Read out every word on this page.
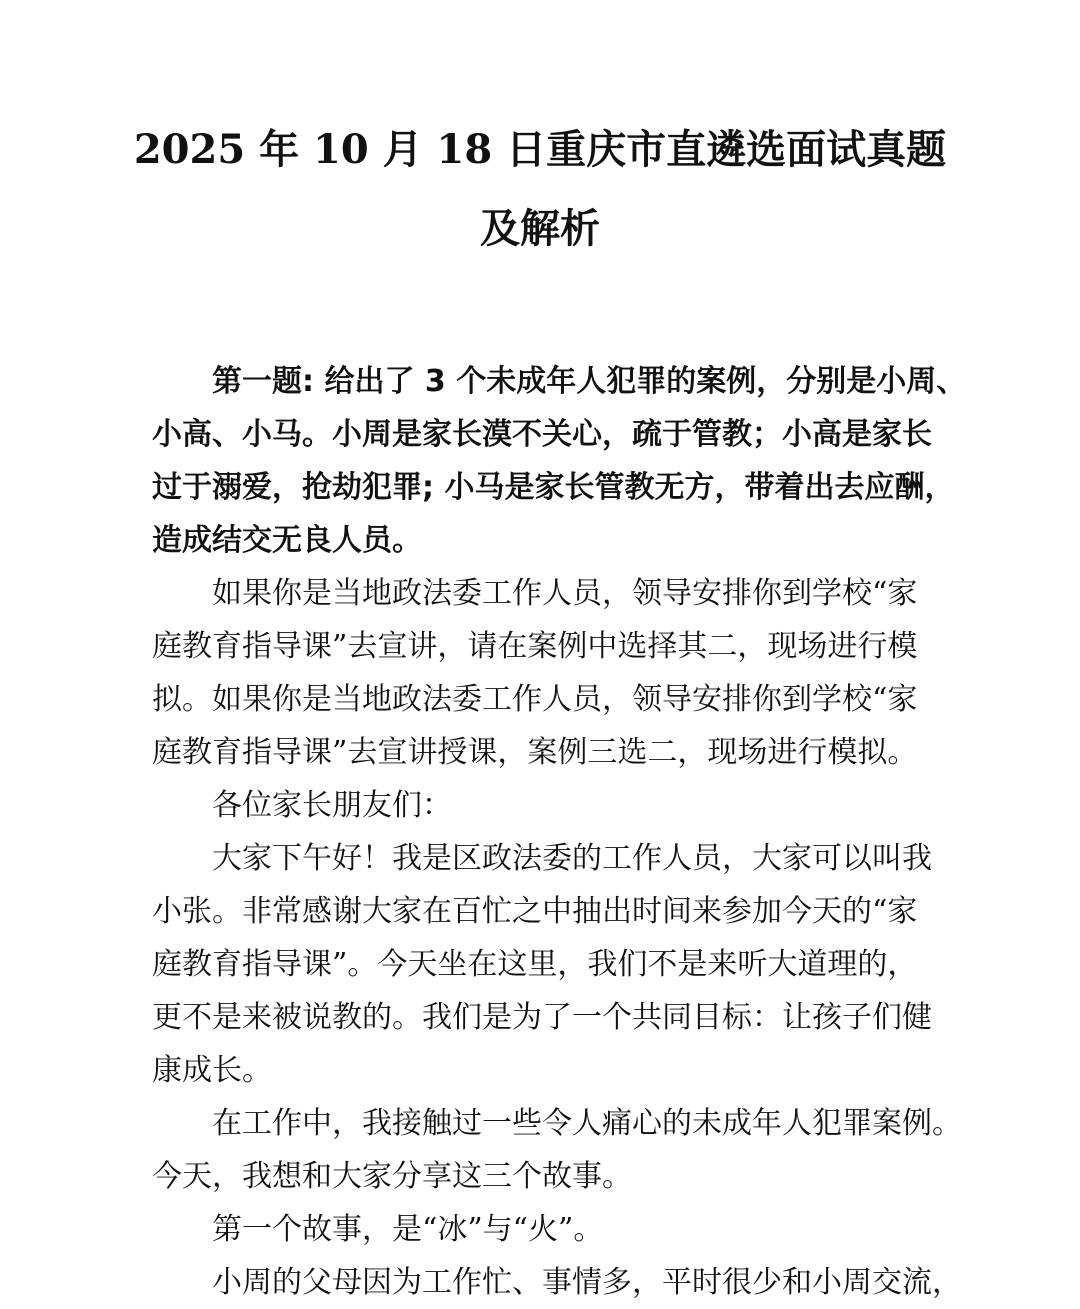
2025 年 10 月 18 日重庆市直遴选面试真题
及解析
第一题: 给出了 3 个未成年人犯罪的案例，分别是小周、
小高、小马。小周是家长漠不关心，疏于管教；小高是家长
过于溺爱，抢劫犯罪; 小马是家长管教无方，带着出去应酬，
造成结交无良人员。
如果你是当地政法委工作人员，领导安排你到学校“家
庭教育指导课”去宣讲，请在案例中选择其二，现场进行模
拟。如果你是当地政法委工作人员，领导安排你到学校“家
庭教育指导课”去宣讲授课，案例三选二，现场进行模拟。
各位家长朋友们：
大家下午好！我是区政法委的工作人员，大家可以叫我
小张。非常感谢大家在百忙之中抽出时间来参加今天的“家
庭教育指导课”。今天坐在这里，我们不是来听大道理的，
更不是来被说教的。我们是为了一个共同目标：让孩子们健
康成长。
在工作中，我接触过一些令人痛心的未成年人犯罪案例。
今天，我想和大家分享这三个故事。
第一个故事，是“冰”与“火”。
小周的父母因为工作忙、事情多，平时很少和小周交流，
